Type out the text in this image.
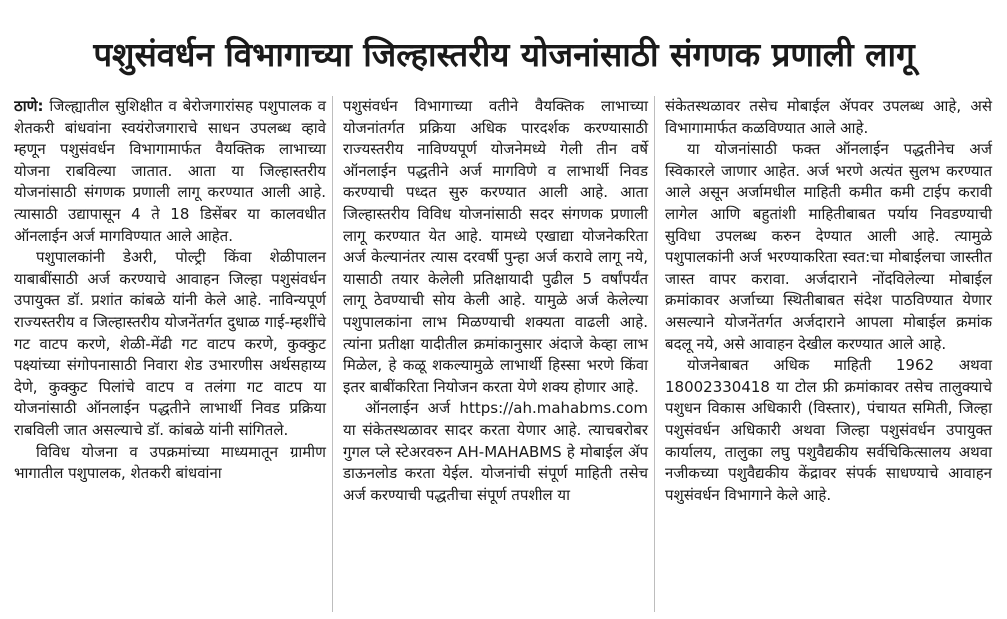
पशुसंवर्धन विभागाच्या जिल्हास्तरीय योजनांसाठी संगणक प्रणाली लागू

ठाणे: जिल्ह्यातील सुशिक्षीत व बेरोजगारांसह पशुपालक व शेतकरी बांधवांना स्वयंरोजगाराचे साधन उपलब्ध व्हावे म्हणून पशुसंवर्धन विभागामार्फत वैयक्तिक लाभाच्या योजना राबविल्या जातात. आता या जिल्हास्तरीय योजनांसाठी संगणक प्रणाली लागू करण्यात आली आहे. त्यासाठी उद्यापासून 4 ते 18 डिसेंबर या कालवधीत ऑनलाईन अर्ज मागविण्यात आले आहेत.

पशुपालकांनी डेअरी, पोल्ट्री किंवा शेळीपालन याबाबींसाठी अर्ज करण्याचे आवाहन जिल्हा पशुसंवर्धन उपायुक्त डॉ. प्रशांत कांबळे यांनी केले आहे. नाविन्यपूर्ण राज्यस्तरीय व जिल्हास्तरीय योजनेंतर्गत दुधाळ गाई-म्हशींचे गट वाटप करणे, शेळी-मेंढी गट वाटप करणे, कुक्कुट पक्ष्यांच्या संगोपनासाठी निवारा शेड उभारणीस अर्थसहाय्य देणे, कुक्कुट पिलांचे वाटप व तलंगा गट वाटप या योजनांसाठी ऑनलाईन पद्धतीने लाभार्थी निवड प्रक्रिया राबविली जात असल्याचे डॉ. कांबळे यांनी सांगितले.

विविध योजना व उपक्रमांच्या माध्यमातून ग्रामीण भागातील पशुपालक, शेतकरी बांधवांना

पशुसंवर्धन विभागाच्या वतीने वैयक्तिक लाभाच्या योजनांतर्गत प्रक्रिया अधिक पारदर्शक करण्यासाठी राज्यस्तरीय नाविण्यपूर्ण योजनेमध्ये गेली तीन वर्षे ऑनलाईन पद्धतीने अर्ज मागविणे व लाभार्थी निवड करण्याची पध्दत सुरु करण्यात आली आहे. आता जिल्हास्तरीय विविध योजनांसाठी सदर संगणक प्रणाली लागू करण्यात येत आहे. यामध्ये एखाद्या योजनेकरिता अर्ज केल्यानंतर त्यास दरवर्षी पुन्हा अर्ज करावे लागू नये, यासाठी तयार केलेली प्रतिक्षायादी पुढील 5 वर्षांपर्यंत लागू ठेवण्याची सोय केली आहे. यामुळे अर्ज केलेल्या पशुपालकांना लाभ मिळण्याची शक्यता वाढली आहे. त्यांना प्रतीक्षा यादीतील क्रमांकानुसार अंदाजे केव्हा लाभ मिळेल, हे कळू शकल्यामुळे लाभार्थी हिस्सा भरणे किंवा इतर बाबींकरिता नियोजन करता येणे शक्य होणार आहे.

ऑनलाईन अर्ज https://ah.mahabms.com या संकेतस्थळावर सादर करता येणार आहे. त्याचबरोबर गुगल प्ले स्टेअरवरुन AH-MAHABMS हे मोबाईल ॲप डाऊनलोड करता येईल. योजनांची संपूर्ण माहिती तसेच अर्ज करण्याची पद्धतीचा संपूर्ण तपशील या

संकेतस्थळावर तसेच मोबाईल ॲपवर उपलब्ध आहे, असे विभागामार्फत कळविण्यात आले आहे.

या योजनांसाठी फक्त ऑनलाईन पद्धतीनेच अर्ज स्विकारले जाणार आहेत. अर्ज भरणे अत्यंत सुलभ करण्यात आले असून अर्जामधील माहिती कमीत कमी टाईप करावी लागेल आणि बहुतांशी माहितीबाबत पर्याय निवडण्याची सुविधा उपलब्ध करुन देण्यात आली आहे. त्यामुळे पशुपालकांनी अर्ज भरण्याकरिता स्वत:चा मोबाईलचा जास्तीत जास्त वापर करावा. अर्जदाराने नोंदविलेल्या मोबाईल क्रमांकावर अर्जाच्या स्थितीबाबत संदेश पाठविण्यात येणार असल्याने योजनेंतर्गत अर्जदाराने आपला मोबाईल क्रमांक बदलू नये, असे आवाहन देखील करण्यात आले आहे.

योजनेबाबत अधिक माहिती 1962 अथवा 18002330418 या टोल फ्री क्रमांकावर तसेच तालुक्याचे पशुधन विकास अधिकारी (विस्तार), पंचायत समिती, जिल्हा पशुसंवर्धन अधिकारी अथवा जिल्हा पशुसंवर्धन उपायुक्त कार्यालय, तालुका लघु पशुवैद्यकीय सर्वचिकित्सालय अथवा नजीकच्या पशुवैद्यकीय केंद्रावर संपर्क साधण्याचे आवाहन पशुसंवर्धन विभागाने केले आहे.
